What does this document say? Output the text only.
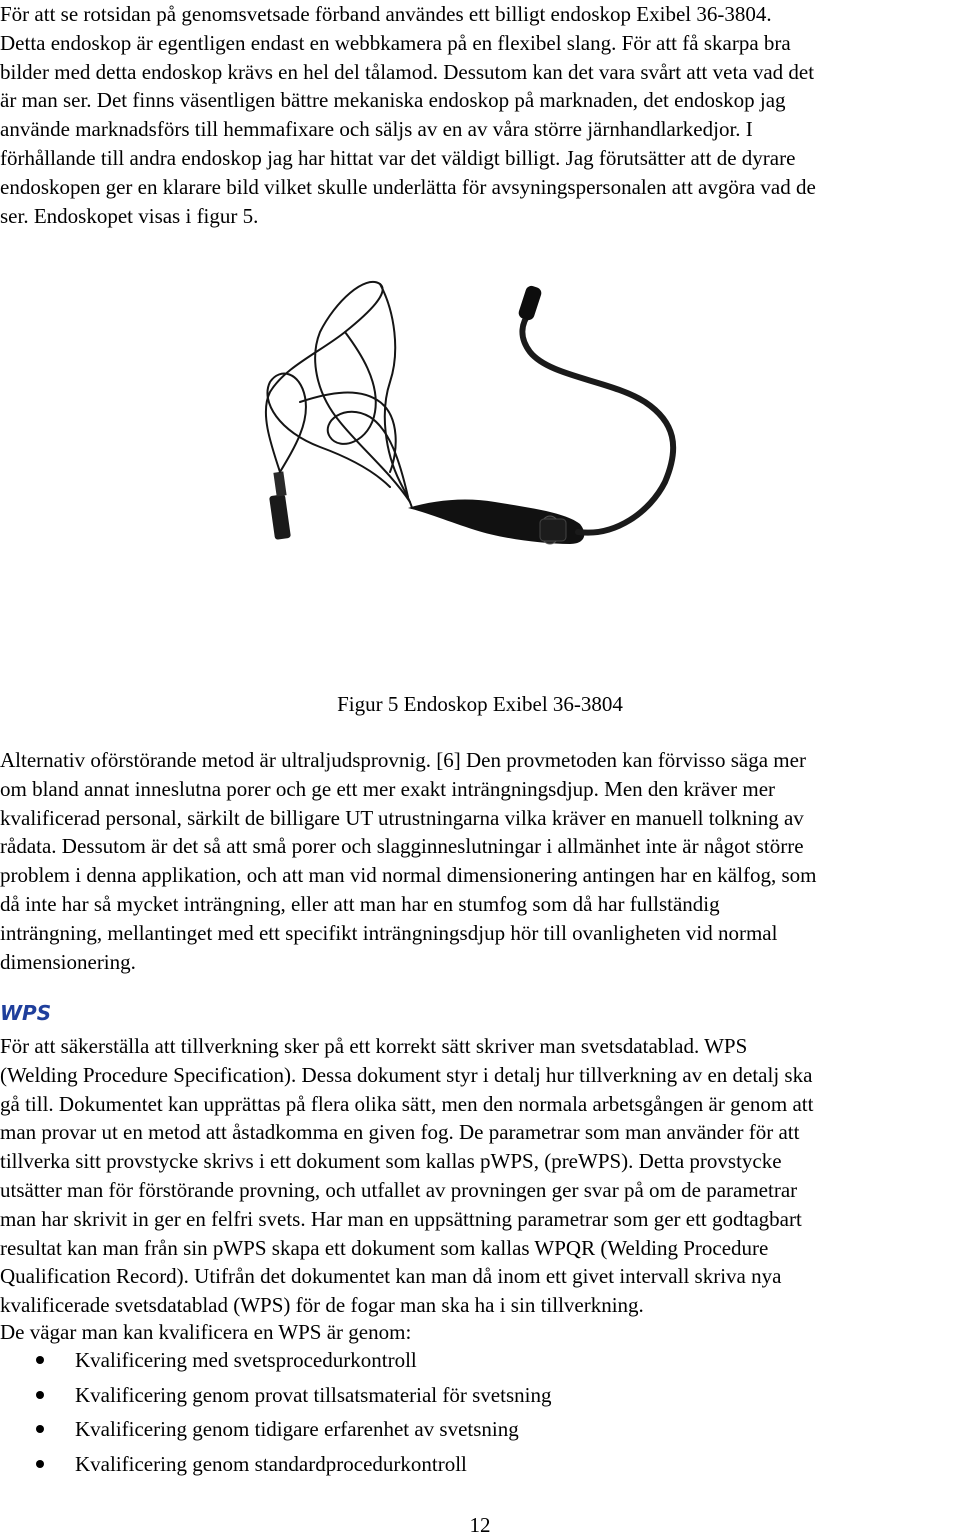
För att se rotsidan på genomsvetsade förband användes ett billigt endoskop Exibel 36-3804.
Detta endoskop är egentligen endast en webbkamera på en flexibel slang. För att få skarpa bra
bilder med detta endoskop krävs en hel del tålamod. Dessutom kan det vara svårt att veta vad det
är man ser. Det finns väsentligen bättre mekaniska endoskop på marknaden, det endoskop jag
använde marknadsförs till hemmafixare och säljs av en av våra större järnhandlarkedjor. I
förhållande till andra endoskop jag har hittat var det väldigt billigt. Jag förutsätter att de dyrare
endoskopen ger en klarare bild vilket skulle underlätta för avsyningspersonalen att avgöra vad de
ser. Endoskopet visas i figur 5.

Figur 5 Endoskop Exibel 36-3804

Alternativ oförstörande metod är ultraljudsprovnig. [6] Den provmetoden kan förvisso säga mer
om bland annat inneslutna porer och ge ett mer exakt inträngningsdjup. Men den kräver mer
kvalificerad personal, särkilt de billigare UT utrustningarna vilka kräver en manuell tolkning av
rådata. Dessutom är det så att små porer och slagginneslutningar i allmänhet inte är något större
problem i denna applikation, och att man vid normal dimensionering antingen har en kälfog, som
då inte har så mycket inträngning, eller att man har en stumfog som då har fullständig
inträngning, mellantinget med ett specifikt inträngningsdjup hör till ovanligheten vid normal
dimensionering.

WPS

För att säkerställa att tillverkning sker på ett korrekt sätt skriver man svetsdatablad. WPS
(Welding Procedure Specification). Dessa dokument styr i detalj hur tillverkning av en detalj ska
gå till. Dokumentet kan upprättas på flera olika sätt, men den normala arbetsgången är genom att
man provar ut en metod att åstadkomma en given fog. De parametrar som man använder för att
tillverka sitt provstycke skrivs i ett dokument som kallas pWPS, (preWPS). Detta provstycke
utsätter man för förstörande provning, och utfallet av provningen ger svar på om de parametrar
man har skrivit in ger en felfri svets. Har man en uppsättning parametrar som ger ett godtagbart
resultat kan man från sin pWPS skapa ett dokument som kallas WPQR (Welding Procedure
Qualification Record). Utifrån det dokumentet kan man då inom ett givet intervall skriva nya
kvalificerade svetsdatablad (WPS) för de fogar man ska ha i sin tillverkning.

De vägar man kan kvalificera en WPS är genom:

Kvalificering med svetsprocedurkontroll
Kvalificering genom provat tillsatsmaterial för svetsning
Kvalificering genom tidigare erfarenhet av svetsning
Kvalificering genom standardprocedurkontroll
12
